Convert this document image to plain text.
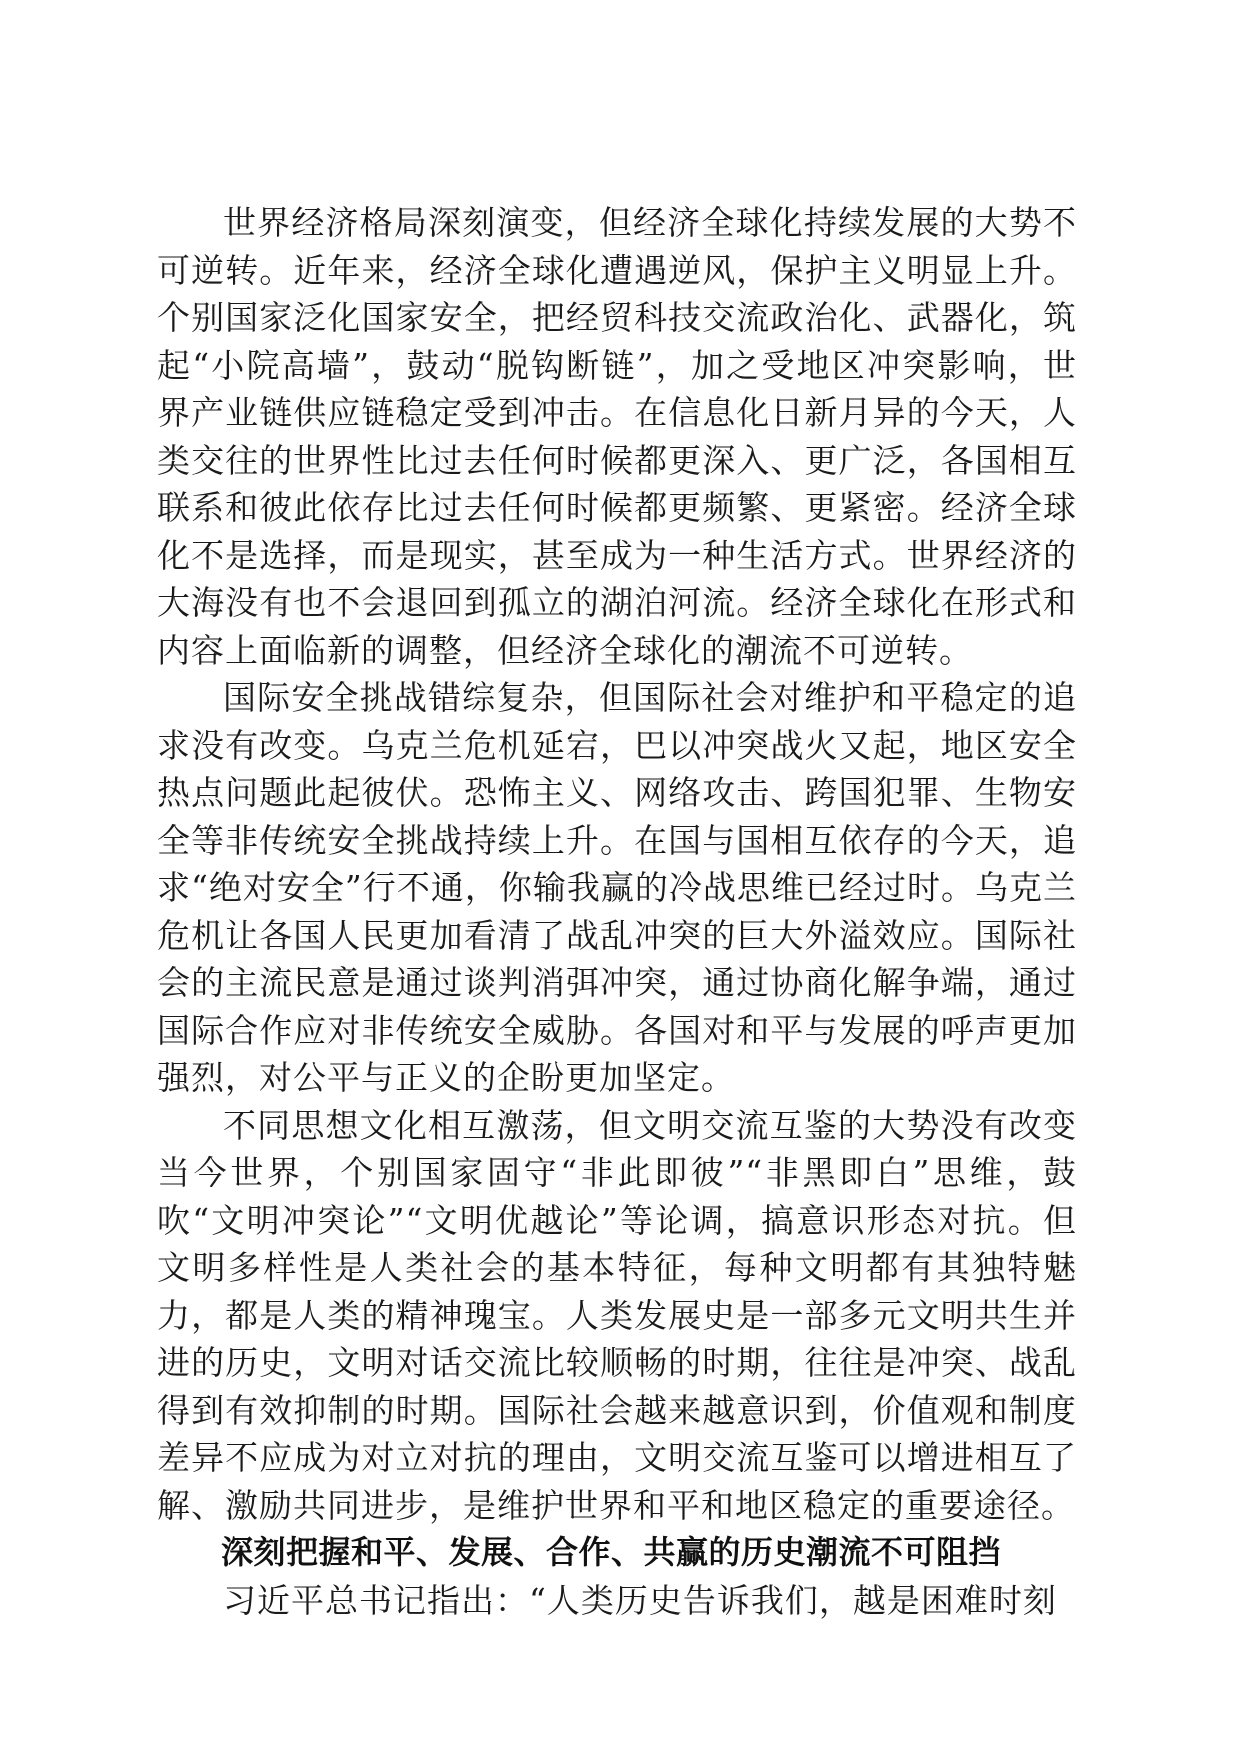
世界经济格局深刻演变，但经济全球化持续发展的大势不可逆转。近年来，经济全球化遭遇逆风，保护主义明显上升。个别国家泛化国家安全，把经贸科技交流政治化、武器化，筑起“小院高墙”，鼓动“脱钩断链”，加之受地区冲突影响，世界产业链供应链稳定受到冲击。在信息化日新月异的今天，人类交往的世界性比过去任何时候都更深入、更广泛，各国相互联系和彼此依存比过去任何时候都更频繁、更紧密。经济全球化不是选择，而是现实，甚至成为一种生活方式。世界经济的大海没有也不会退回到孤立的湖泊河流。经济全球化在形式和内容上面临新的调整，但经济全球化的潮流不可逆转。

国际安全挑战错综复杂，但国际社会对维护和平稳定的追求没有改变。乌克兰危机延宕，巴以冲突战火又起，地区安全热点问题此起彼伏。恐怖主义、网络攻击、跨国犯罪、生物安全等非传统安全挑战持续上升。在国与国相互依存的今天，追求“绝对安全”行不通，你输我赢的冷战思维已经过时。乌克兰危机让各国人民更加看清了战乱冲突的巨大外溢效应。国际社会的主流民意是通过谈判消弭冲突，通过协商化解争端，通过国际合作应对非传统安全威胁。各国对和平与发展的呼声更加强烈，对公平与正义的企盼更加坚定。

不同思想文化相互激荡，但文明交流互鉴的大势没有改变当今世界，个别国家固守“非此即彼”“非黑即白”思维，鼓吹“文明冲突论”“文明优越论”等论调，搞意识形态对抗。但文明多样性是人类社会的基本特征，每种文明都有其独特魅力，都是人类的精神瑰宝。人类发展史是一部多元文明共生并进的历史，文明对话交流比较顺畅的时期，往往是冲突、战乱得到有效抑制的时期。国际社会越来越意识到，价值观和制度差异不应成为对立对抗的理由，文明交流互鉴可以增进相互了解、激励共同进步，是维护世界和平和地区稳定的重要途径。

深刻把握和平、发展、合作、共赢的历史潮流不可阻挡

习近平总书记指出：“人类历史告诉我们，越是困难时刻
